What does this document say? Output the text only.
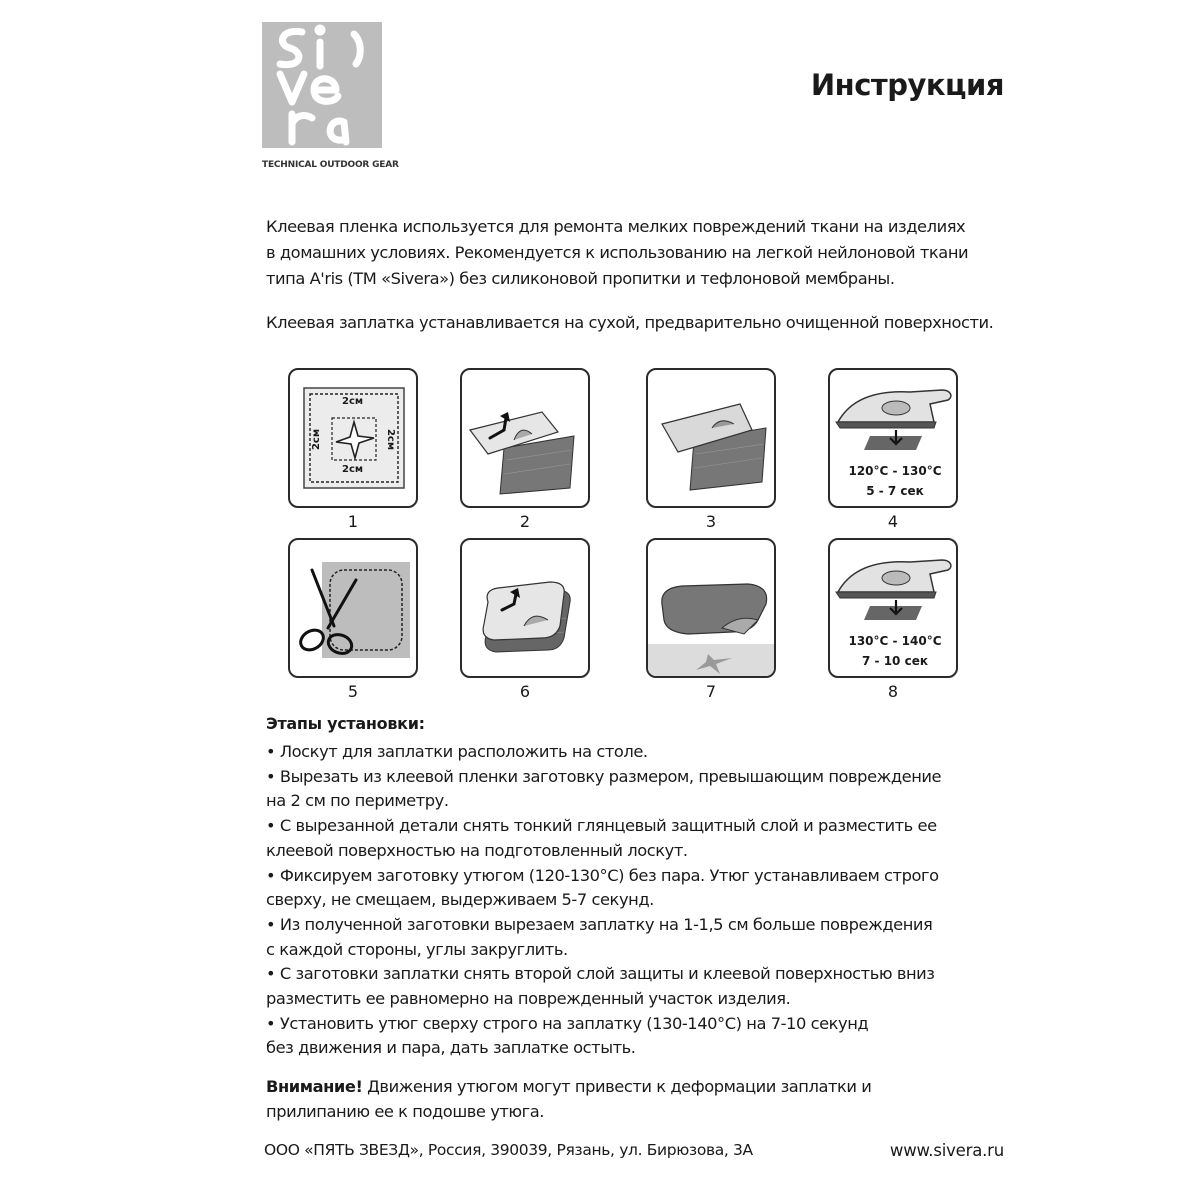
TECHNICAL OUTDOOR GEAR
Инструкция

Клеевая пленка используется для ремонта мелких повреждений ткани на изделиях

в домашних условиях. Рекомендуется к использованию на легкой нейлоновой ткани

типа A'ris (ТМ «Sivera») без силиконовой пропитки и тефлоновой мембраны.

Клеевая заплатка устанавливается на сухой, предварительно очищенной поверхности.
2см
2см
2см	2см
1	2	3
120°C - 130°C
5 - 7 сек
4
5	6	7
130°C - 140°C
7 - 10 сек
8
Этапы установки:
• Лоскут для заплатки расположить на столе.
• Вырезать из клеевой пленки заготовку размером, превышающим повреждение
на 2 см по периметру.
• С вырезанной детали снять тонкий глянцевый защитный слой и разместить ее
клеевой поверхностью на подготовленный лоскут.
• Фиксируем заготовку утюгом (120-130°С) без пара. Утюг устанавливаем строго
сверху, не смещаем, выдерживаем 5-7 секунд.
• Из полученной заготовки вырезаем заплатку на 1-1,5 см больше повреждения
с каждой стороны, углы закруглить.
• С заготовки заплатки снять второй слой защиты и клеевой поверхностью вниз
разместить ее равномерно на поврежденный участок изделия.
• Установить утюг сверху строго на заплатку (130-140°С) на 7-10 секунд
без движения и пара, дать заплатке остыть.
Внимание! Движения утюгом могут привести к деформации заплатки и
прилипанию ее к подошве утюга.
ООО «ПЯТЬ ЗВЕЗД», Россия, 390039, Рязань, ул. Бирюзова, 3А	www.sivera.ru
